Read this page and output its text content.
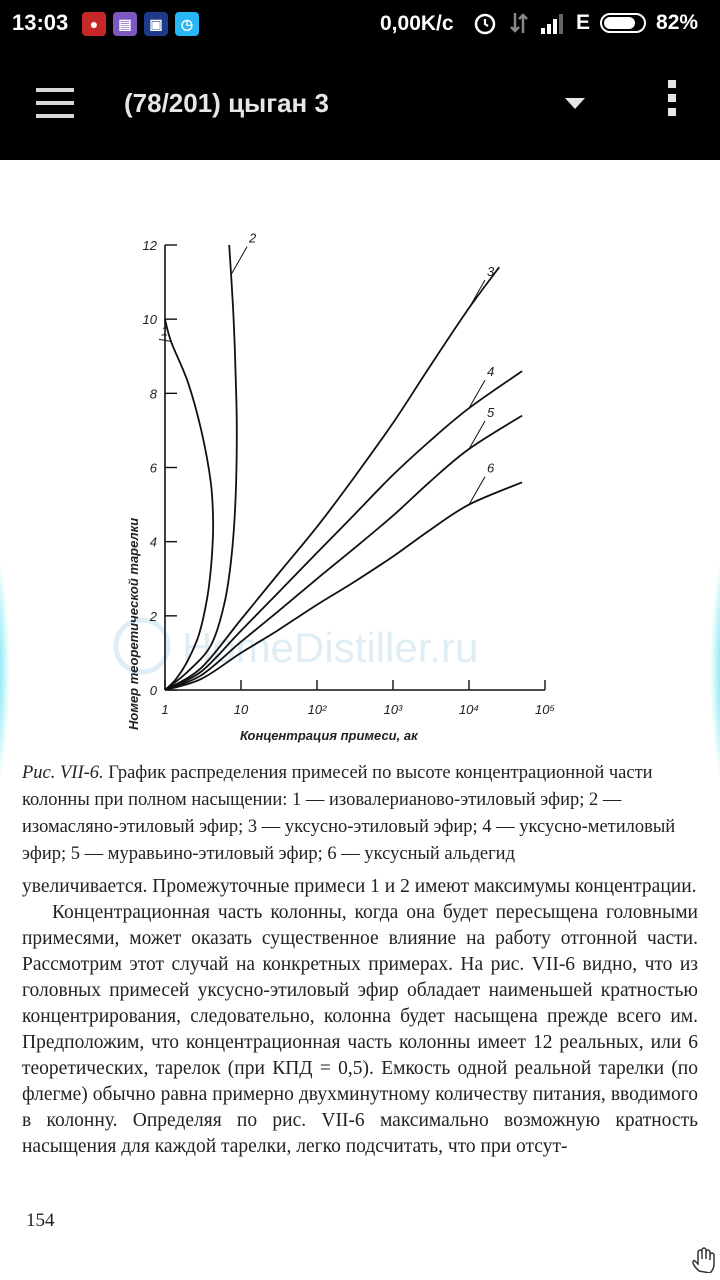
13:03	●	▤	▣	◷	0,00K/c	E	82%
(78/201) цыган 3
HomeDistiller.ru
0
2
4
6
8
10
12
1	10	10²	10³	10⁴	10⁵
1
2
3
4
5
6
Концентрация примеси, aк
Номер теоретической тарелки
Рис. VII-6. График распределения примесей по высоте концентрационной части колонны при полном насыщении: 1 — изовалерианово-этиловый эфир; 2 — изомасляно-этиловый эфир; 3 — уксусно-этиловый эфир; 4 — уксусно-метиловый эфир; 5 — муравьино-этиловый эфир; 6 — уксусный альдегид

увеличивается. Промежуточные примеси 1 и 2 имеют максимумы концентрации.

Концентрационная часть колонны, когда она будет пересыщена головными примесями, может оказать существенное влияние на работу отгонной части. Рассмотрим этот случай на конкретных примерах. На рис. VII-6 видно, что из головных примесей уксусно-этиловый эфир обладает наименьшей кратностью концентрирования, следовательно, колонна будет насыщена прежде всего им. Предположим, что концентрационная часть колонны имеет 12 реальных, или 6 теоретических, тарелок (при КПД = 0,5). Емкость одной реальной тарелки (по флегме) обычно равна примерно двухминутному количеству питания, вводимого в колонну. Определяя по рис. VII-6 максимально возможную кратность насыщения для каждой тарелки, легко подсчитать, что при отсут-

154
